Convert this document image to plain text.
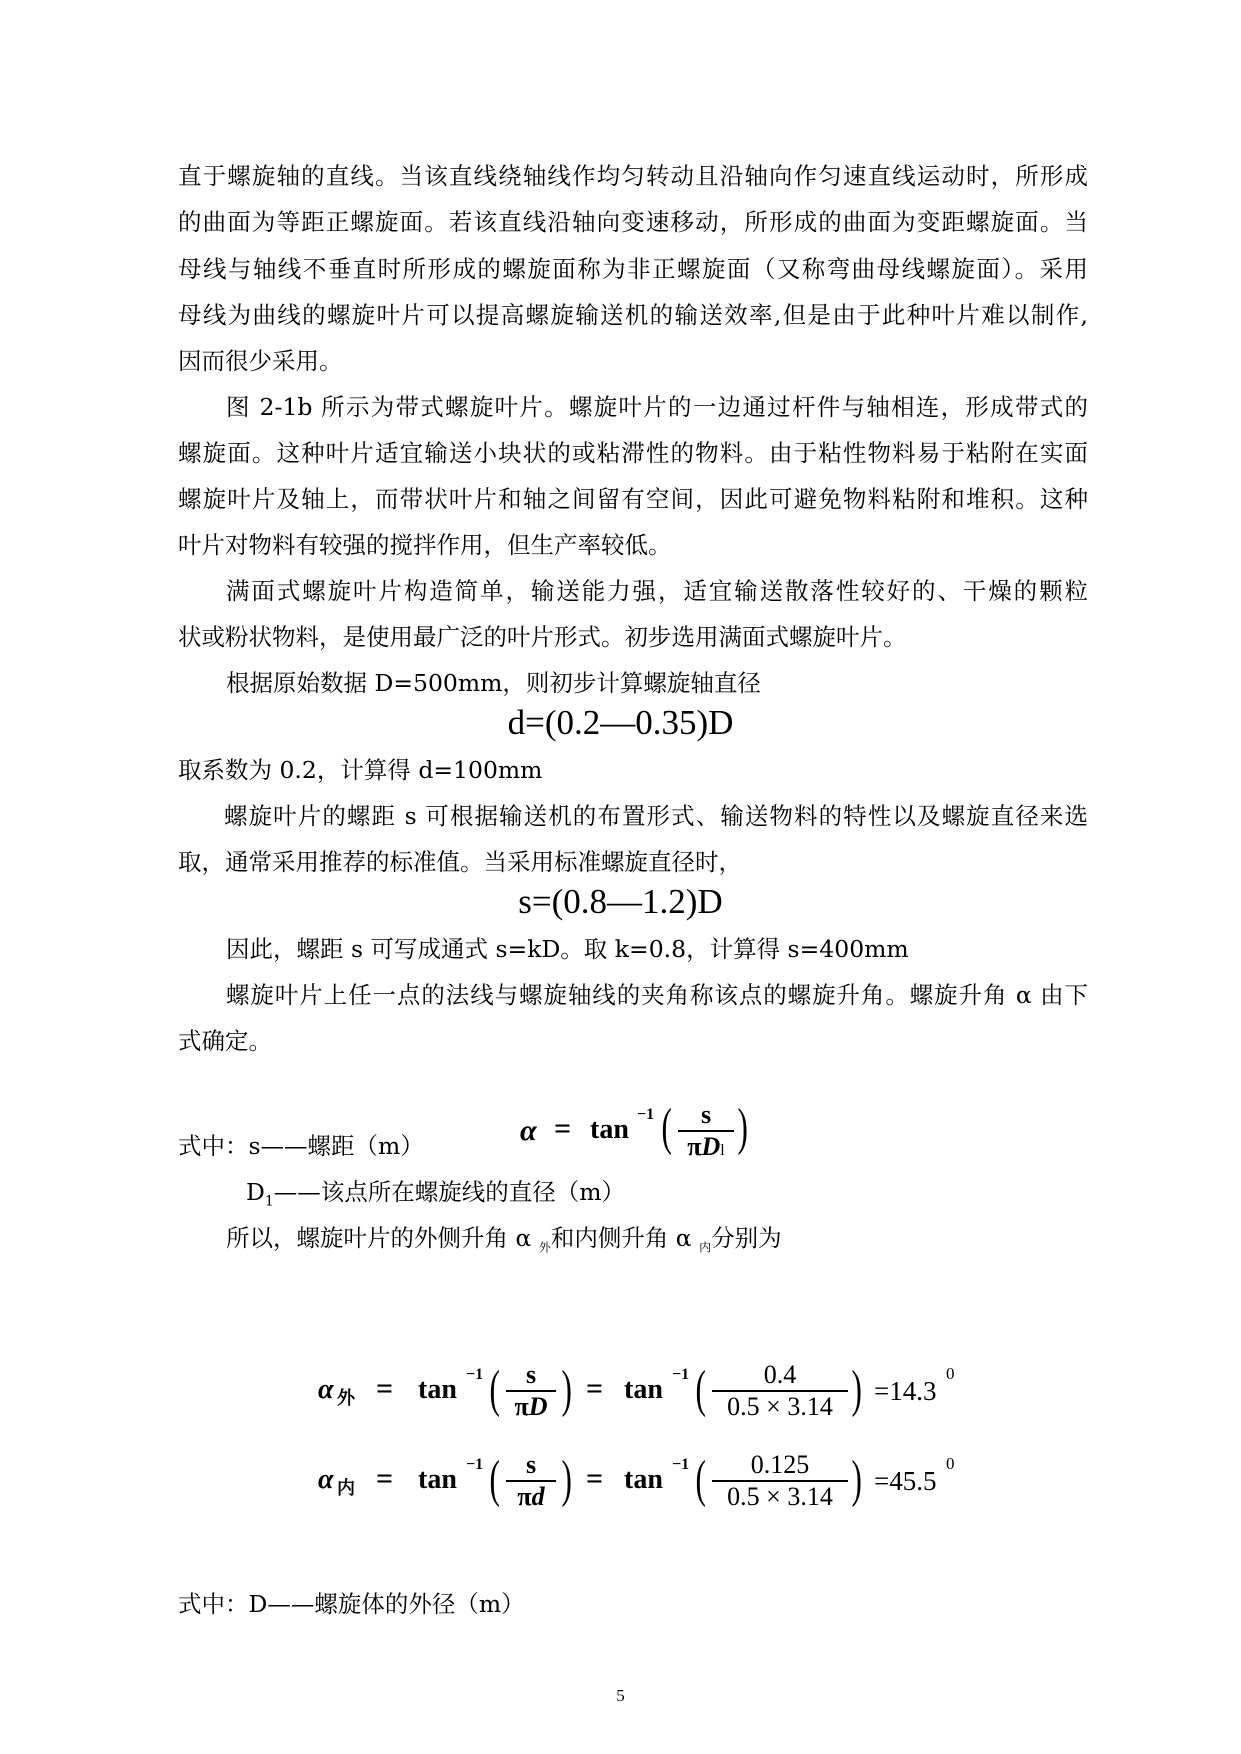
直于螺旋轴的直线。当该直线绕轴线作均匀转动且沿轴向作匀速直线运动时，所形成
的曲面为等距正螺旋面。若该直线沿轴向变速移动，所形成的曲面为变距螺旋面。当
母线与轴线不垂直时所形成的螺旋面称为非正螺旋面（又称弯曲母线螺旋面）。采用
母线为曲线的螺旋叶片可以提高螺旋输送机的输送效率,但是由于此种叶片难以制作,
因而很少采用。
图 2-1b 所示为带式螺旋叶片。螺旋叶片的一边通过杆件与轴相连，形成带式的
螺旋面。这种叶片适宜输送小块状的或粘滞性的物料。由于粘性物料易于粘附在实面
螺旋叶片及轴上，而带状叶片和轴之间留有空间，因此可避免物料粘附和堆积。这种
叶片对物料有较强的搅拌作用，但生产率较低。
满面式螺旋叶片构造简单，输送能力强，适宜输送散落性较好的、干燥的颗粒
状或粉状物料，是使用最广泛的叶片形式。初步选用满面式螺旋叶片。
根据原始数据 D=500mm，则初步计算螺旋轴直径
d=(0.2—0.35)D
取系数为 0.2，计算得 d=100mm
螺旋叶片的螺距 s 可根据输送机的布置形式、输送物料的特性以及螺旋直径来选
取，通常采用推荐的标准值。当采用标准螺旋直径时，
s=(0.8—1.2)D
因此，螺距 s 可写成通式 s=kD。取 k=0.8，计算得 s=400mm
螺旋叶片上任一点的法线与螺旋轴线的夹角称该点的螺旋升角。螺旋升角 α 由下
式确定。
α = tan −1 (	s
πDl )
式中：s——螺距（m）
$D_1——$该点所在螺旋线的直径（m）
所以，螺旋叶片的外侧升角 α $_外$和内侧升角 α $_内$分别为
α 外 = tan −1 (	s
πD ) = tan −1 (	0.4
0.5 × 3.14 ) =14.3
0
α 内 = tan −1 (	s
πd ) = tan −1 (	0.125
0.5 × 3.14 ) =45.5
0
式中：D——螺旋体的外径（m）
5
